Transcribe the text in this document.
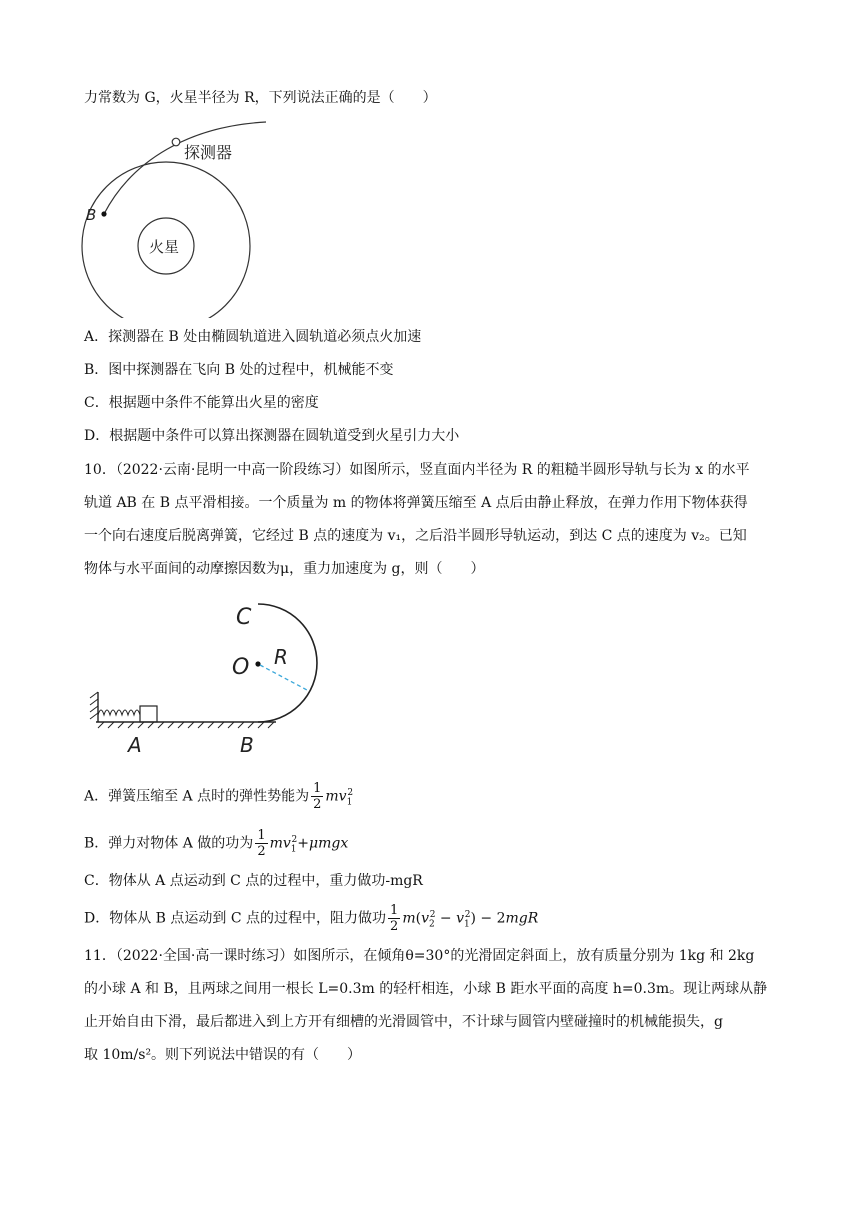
力常数为 G，火星半径为 R，下列说法正确的是（　　）
探测器
B
火星
A．探测器在 B 处由椭圆轨道进入圆轨道必须点火加速
B．图中探测器在飞向 B 处的过程中，机械能不变
C．根据题中条件不能算出火星的密度
D．根据题中条件可以算出探测器在圆轨道受到火星引力大小
10．（2022·云南·昆明一中高一阶段练习）如图所示，竖直面内半径为 R 的粗糙半圆形导轨与长为 x 的水平
轨道 AB 在 B 点平滑相接。一个质量为 m 的物体将弹簧压缩至 A 点后由静止释放，在弹力作用下物体获得
一个向右速度后脱离弹簧，它经过 B 点的速度为 v₁，之后沿半圆形导轨运动，到达 C 点的速度为 v₂。已知
物体与水平面间的动摩擦因数为μ，重力加速度为 g，则（　　）
C
O R
A	B
A．弹簧压缩至 A 点时的弹性势能为 $\frac{1}{2} mv_1^2$
B．弹力对物体 A 做的功为 $\frac{1}{2} mv_1^2+\mu mgx$
C．物体从 A 点运动到 C 点的过程中，重力做功-mgR
D．物体从 B 点运动到 C 点的过程中，阻力做功 $\frac{1}{2} m(v_2^2 - v_1^2) - 2mgR$
11．（2022·全国·高一课时练习）如图所示，在倾角θ=30°的光滑固定斜面上，放有质量分别为 1kg 和 2kg
的小球 A 和 B，且两球之间用一根长 L=0.3m 的轻杆相连，小球 B 距水平面的高度 h=0.3m。现让两球从静
止开始自由下滑，最后都进入到上方开有细槽的光滑圆管中，不计球与圆管内壁碰撞时的机械能损失，g
取 10m/s²。则下列说法中错误的有（　　）
